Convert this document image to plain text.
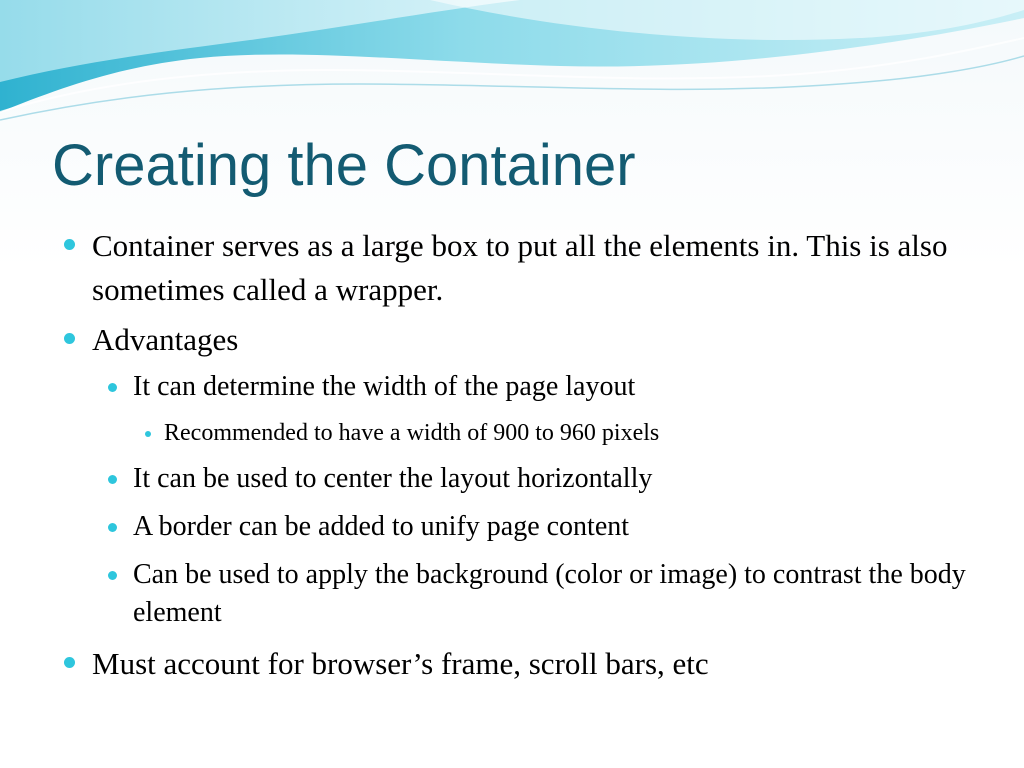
Creating the Container
Container serves as a large box to put all the elements in. This is also sometimes called a wrapper.
Advantages
It can determine the width of the page layout
Recommended to have a width of 900 to 960 pixels
It can be used to center the layout horizontally
A border can be added to unify page content
Can be used to apply the background (color or image) to contrast the body element
Must account for browser’s frame, scroll bars, etc
